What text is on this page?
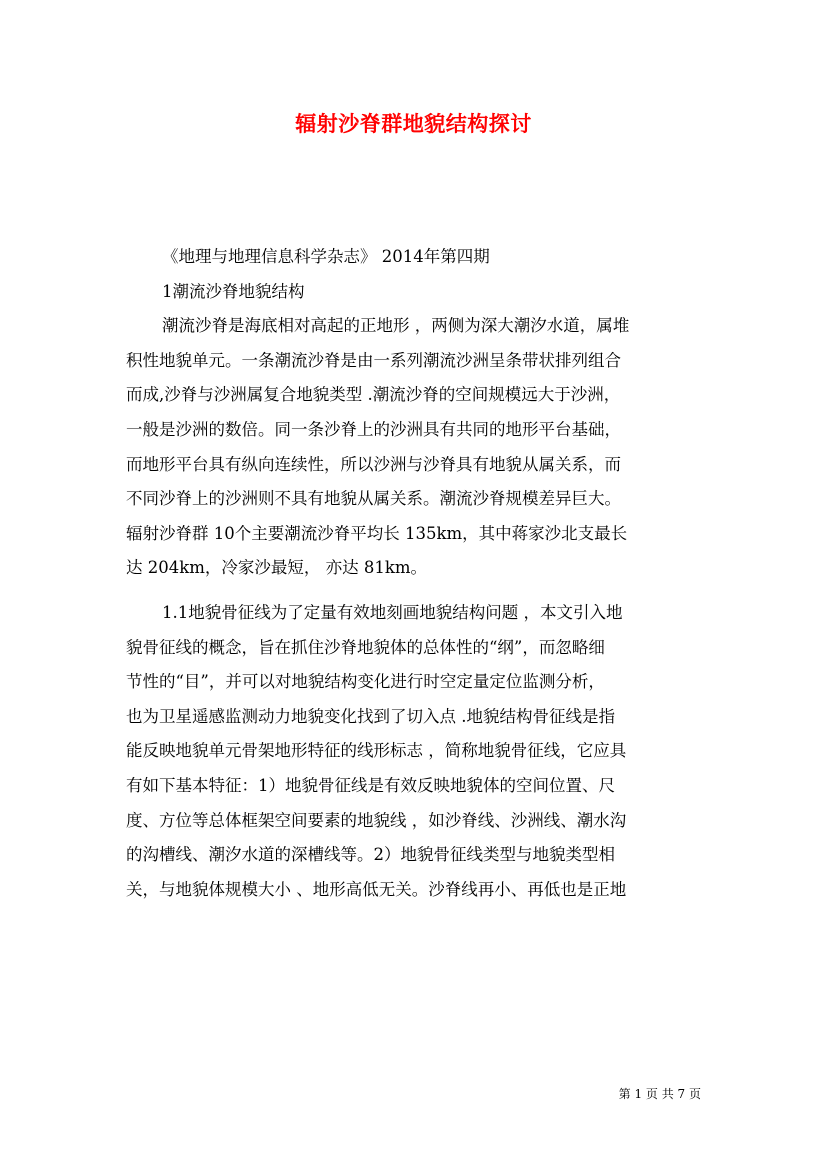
辐射沙脊群地貌结构探讨
《地理与地理信息科学杂志》 2014年第四期
1潮流沙脊地貌结构
潮流沙脊是海底相对高起的正地形 ，两侧为深大潮汐水道，属堆
积性地貌单元。一条潮流沙脊是由一系列潮流沙洲呈条带状排列组合
而成,沙脊与沙洲属复合地貌类型 .潮流沙脊的空间规模远大于沙洲，
一般是沙洲的数倍。同一条沙脊上的沙洲具有共同的地形平台基础，
而地形平台具有纵向连续性，所以沙洲与沙脊具有地貌从属关系，而
不同沙脊上的沙洲则不具有地貌从属关系。潮流沙脊规模差异巨大。
辐射沙脊群 10个主要潮流沙脊平均长 135km，其中蒋家沙北支最长
达 204km，冷家沙最短， 亦达 81km。
1.1地貌骨征线为了定量有效地刻画地貌结构问题 ，本文引入地
貌骨征线的概念，旨在抓住沙脊地貌体的总体性的“纲”，而忽略细
节性的“目”，并可以对地貌结构变化进行时空定量定位监测分析，
也为卫星遥感监测动力地貌变化找到了切入点 .地貌结构骨征线是指
能反映地貌单元骨架地形特征的线形标志 ，简称地貌骨征线，它应具
有如下基本特征：1）地貌骨征线是有效反映地貌体的空间位置、尺
度、方位等总体框架空间要素的地貌线 ，如沙脊线、沙洲线、潮水沟
的沟槽线、潮汐水道的深槽线等。2）地貌骨征线类型与地貌类型相
关，与地貌体规模大小 、地形高低无关。沙脊线再小、再低也是正地
第 1 页 共 7 页
